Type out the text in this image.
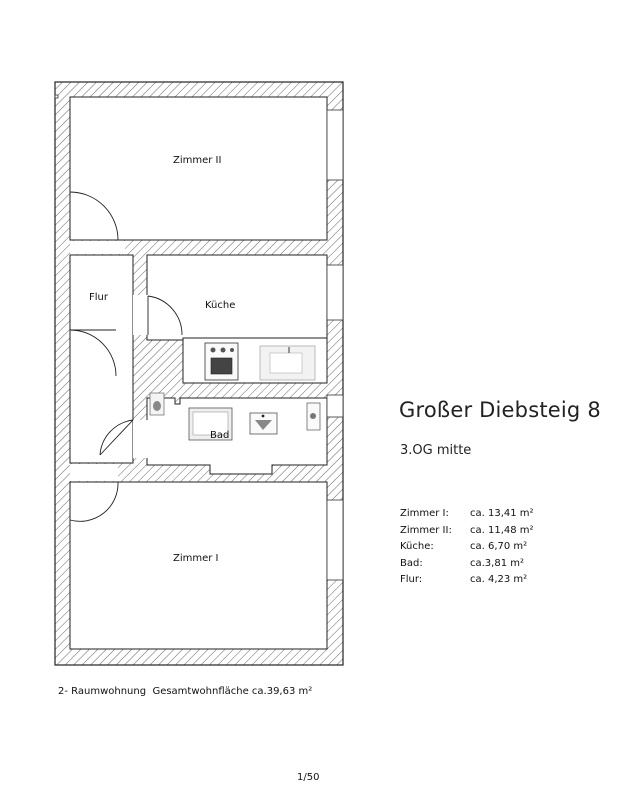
Zimmer II
Flur
Küche
Bad
Zimmer I
Großer Diebsteig 8
3.OG mitte
Zimmer I: ca. 13,41 m²
Zimmer II: ca. 11,48 m²
Küche:	ca. 6,70 m²
Bad:	ca.3,81 m²
Flur:	ca. 4,23 m²
2- Raumwohnung  Gesamtwohnfläche ca.39,63 m²
1/50
